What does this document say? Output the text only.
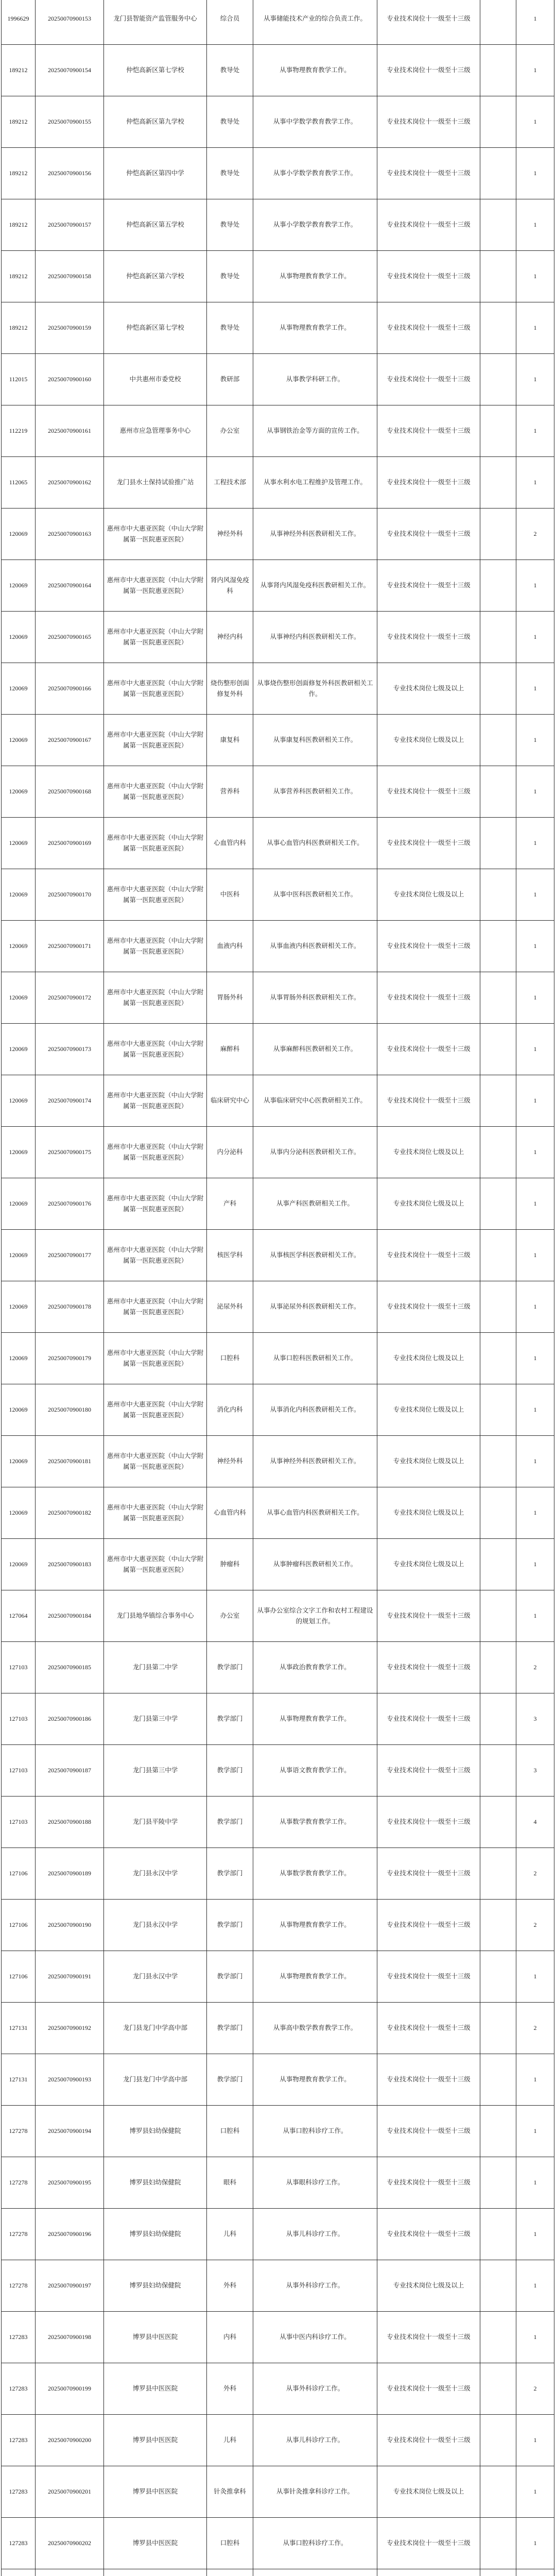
1996629	20250070900153	龙门县智能资产监管服务中心	综合员	从事储能技术产业的综合负责工作。	专业技术岗位十一级至十三级		1
189212	20250070900154	仲恺高新区第七学校	教导处	从事物理教育教学工作。	专业技术岗位十一级至十三级		1
189212	20250070900155	仲恺高新区第九学校	教导处	从事中学数学教育教学工作。	专业技术岗位十一级至十三级		1
189212	20250070900156	仲恺高新区第四中学	教导处	从事小学数学教育教学工作。	专业技术岗位十一级至十三级		1
189212	20250070900157	仲恺高新区第五学校	教导处	从事小学数学教育教学工作。	专业技术岗位十一级至十三级		1
189212	20250070900158	仲恺高新区第六学校	教导处	从事物理教育教学工作。	专业技术岗位十一级至十三级		1
189212	20250070900159	仲恺高新区第七学校	教导处	从事物理教育教学工作。	专业技术岗位十一级至十三级		1
112015	20250070900160	中共惠州市委党校	教研部	从事教学科研工作。	专业技术岗位十一级至十三级		1
112219	20250070900161	惠州市应急管理事务中心	办公室	从事钢铁治金等方面的宣传工作。	专业技术岗位十一级至十三级		1
112065	20250070900162	龙门县水土保持试验推广站	工程技术部	从事水利水电工程维护及管理工作。	专业技术岗位十一级至十三级		1
120069	20250070900163	惠州市中大惠亚医院（中山大学附属第一医院惠亚医院）	神经外科	从事神经外科医教研相关工作。	专业技术岗位十一级至十三级		2
120069	20250070900164	惠州市中大惠亚医院（中山大学附属第一医院惠亚医院）	肾内风湿免疫科	从事肾内风湿免疫科医教研相关工作。	专业技术岗位十一级至十三级		1
120069	20250070900165	惠州市中大惠亚医院（中山大学附属第一医院惠亚医院）	神经内科	从事神经内科医教研相关工作。	专业技术岗位十一级至十三级		1
120069	20250070900166	惠州市中大惠亚医院（中山大学附属第一医院惠亚医院）	烧伤整形创面修复外科	从事烧伤整形创面修复外科医教研相关工作。	专业技术岗位七级及以上		1
120069	20250070900167	惠州市中大惠亚医院（中山大学附属第一医院惠亚医院）	康复科	从事康复科医教研相关工作。	专业技术岗位七级及以上		1
120069	20250070900168	惠州市中大惠亚医院（中山大学附属第一医院惠亚医院）	营养科	从事营养科医教研相关工作。	专业技术岗位十一级至十三级		1
120069	20250070900169	惠州市中大惠亚医院（中山大学附属第一医院惠亚医院）	心血管内科	从事心血管内科医教研相关工作。	专业技术岗位十一级至十三级		1
120069	20250070900170	惠州市中大惠亚医院（中山大学附属第一医院惠亚医院）	中医科	从事中医科医教研相关工作。	专业技术岗位七级及以上		1
120069	20250070900171	惠州市中大惠亚医院（中山大学附属第一医院惠亚医院）	血液内科	从事血液内科医教研相关工作。	专业技术岗位十一级至十三级		1
120069	20250070900172	惠州市中大惠亚医院（中山大学附属第一医院惠亚医院）	胃肠外科	从事胃肠外科医教研相关工作。	专业技术岗位十一级至十三级		1
120069	20250070900173	惠州市中大惠亚医院（中山大学附属第一医院惠亚医院）	麻醉科	从事麻醉科医教研相关工作。	专业技术岗位十一级至十三级		1
120069	20250070900174	惠州市中大惠亚医院（中山大学附属第一医院惠亚医院）	临床研究中心	从事临床研究中心医教研相关工作。	专业技术岗位十一级至十三级		1
120069	20250070900175	惠州市中大惠亚医院（中山大学附属第一医院惠亚医院）	内分泌科	从事内分泌科医教研相关工作。	专业技术岗位七级及以上		1
120069	20250070900176	惠州市中大惠亚医院（中山大学附属第一医院惠亚医院）	产科	从事产科医教研相关工作。	专业技术岗位七级及以上		1
120069	20250070900177	惠州市中大惠亚医院（中山大学附属第一医院惠亚医院）	核医学科	从事核医学科医教研相关工作。	专业技术岗位十一级至十三级		1
120069	20250070900178	惠州市中大惠亚医院（中山大学附属第一医院惠亚医院）	泌尿外科	从事泌尿外科医教研相关工作。	专业技术岗位十一级至十三级		1
120069	20250070900179	惠州市中大惠亚医院（中山大学附属第一医院惠亚医院）	口腔科	从事口腔科医教研相关工作。	专业技术岗位七级及以上		1
120069	20250070900180	惠州市中大惠亚医院（中山大学附属第一医院惠亚医院）	消化内科	从事消化内科医教研相关工作。	专业技术岗位七级及以上		1
120069	20250070900181	惠州市中大惠亚医院（中山大学附属第一医院惠亚医院）	神经外科	从事神经外科医教研相关工作。	专业技术岗位七级及以上		1
120069	20250070900182	惠州市中大惠亚医院（中山大学附属第一医院惠亚医院）	心血管内科	从事心血管内科医教研相关工作。	专业技术岗位七级及以上		1
120069	20250070900183	惠州市中大惠亚医院（中山大学附属第一医院惠亚医院）	肿瘤科	从事肿瘤科医教研相关工作。	专业技术岗位七级及以上		1
127064	20250070900184	龙门县地华镇综合事务中心	办公室	从事办公室综合文字工作和农村工程建设的规划工作。	专业技术岗位十一级至十三级		1
127103	20250070900185	龙门县第二中学	教学部门	从事政治教育教学工作。	专业技术岗位十一级至十三级		2
127103	20250070900186	龙门县第三中学	教学部门	从事物理教育教学工作。	专业技术岗位十一级至十三级		3
127103	20250070900187	龙门县第三中学	教学部门	从事语文教育教学工作。	专业技术岗位十一级至十三级		3
127103	20250070900188	龙门县平陵中学	教学部门	从事数学教育教学工作。	专业技术岗位十一级至十三级		4
127106	20250070900189	龙门县永汉中学	教学部门	从事数学教育教学工作。	专业技术岗位十一级至十三级		2
127106	20250070900190	龙门县永汉中学	教学部门	从事物理教育教学工作。	专业技术岗位十一级至十三级		2
127106	20250070900191	龙门县永汉中学	教学部门	从事物理教育教学工作。	专业技术岗位十一级至十三级		1
127131	20250070900192	龙门县龙门中学高中部	教学部门	从事高中数学教育教学工作。	专业技术岗位十一级至十三级		2
127131	20250070900193	龙门县龙门中学高中部	教学部门	从事物理教育教学工作。	专业技术岗位十一级至十三级		1
127278	20250070900194	博罗县妇幼保健院	口腔科	从事口腔科诊疗工作。	专业技术岗位十一级至十三级		1
127278	20250070900195	博罗县妇幼保健院	眼科	从事眼科诊疗工作。	专业技术岗位十一级至十三级		1
127278	20250070900196	博罗县妇幼保健院	儿科	从事儿科诊疗工作。	专业技术岗位十一级至十三级		1
127278	20250070900197	博罗县妇幼保健院	外科	从事外科诊疗工作。	专业技术岗位七级及以上		1
127283	20250070900198	博罗县中医医院	内科	从事中医内科诊疗工作。	专业技术岗位十一级至十三级		1
127283	20250070900199	博罗县中医医院	外科	从事外科诊疗工作。	专业技术岗位十一级至十三级		2
127283	20250070900200	博罗县中医医院	儿科	从事儿科诊疗工作。	专业技术岗位十一级至十三级		1
127283	20250070900201	博罗县中医医院	针灸推拿科	从事针灸推拿科诊疗工作。	专业技术岗位七级及以上		1
127283	20250070900202	博罗县中医医院	口腔科	从事口腔科诊疗工作。	专业技术岗位十一级至十三级		1
